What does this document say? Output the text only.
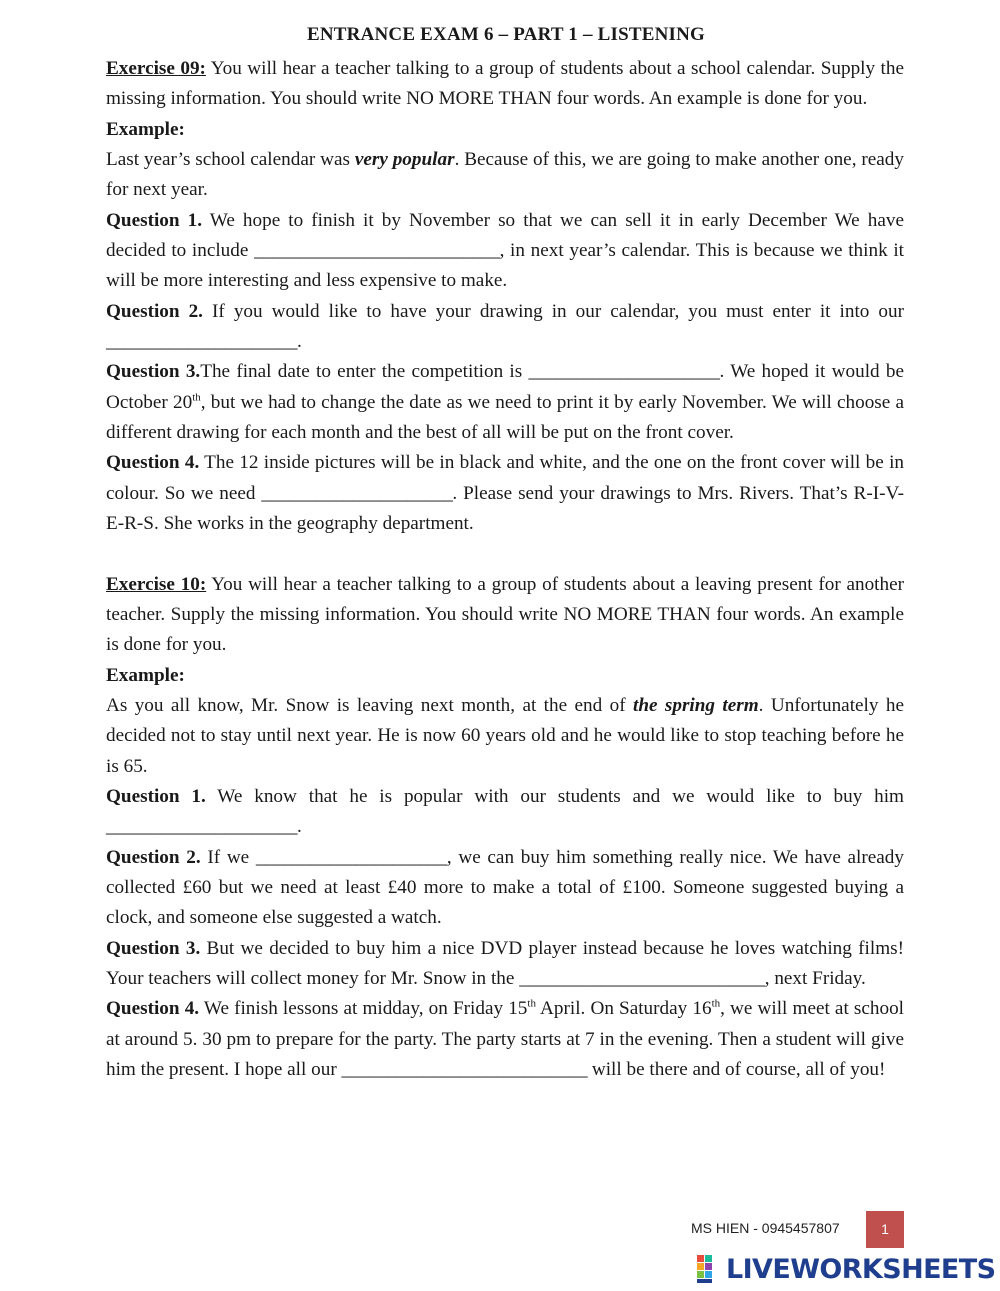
ENTRANCE EXAM 6 – PART 1 – LISTENING

Exercise 09: You will hear a teacher talking to a group of students about a school calendar. Supply the missing information. You should write NO MORE THAN four words. An example is done for you.

Example:

Last year’s school calendar was very popular. Because of this, we are going to make another one, ready for next year.

Question 1. We hope to finish it by November so that we can sell it in early December We have decided to include ___________________________, in next year’s calendar. This is because we think it will be more interesting and less expensive to make.

Question 2. If you would like to have your drawing in our calendar, you must enter it into our _____________________.

Question 3.The final date to enter the competition is _____________________. We hoped it would be October 20th, but we had to change the date as we need to print it by early November. We will choose a different drawing for each month and the best of all will be put on the front cover.

Question 4. The 12 inside pictures will be in black and white, and the one on the front cover will be in colour. So we need _____________________. Please send your drawings to Mrs. Rivers. That’s R-I-V-E-R-S. She works in the geography department.

Exercise 10: You will hear a teacher talking to a group of students about a leaving present for another teacher. Supply the missing information. You should write NO MORE THAN four words. An example is done for you.

Example:

As you all know, Mr. Snow is leaving next month, at the end of the spring term. Unfortunately he decided not to stay until next year. He is now 60 years old and he would like to stop teaching before he is 65.

Question 1. We know that he is popular with our students and we would like to buy him _____________________.

Question 2. If we _____________________, we can buy him something really nice. We have already collected £60 but we need at least £40 more to make a total of £100. Someone suggested buying a clock, and someone else suggested a watch.

Question 3. But we decided to buy him a nice DVD player instead because he loves watching films! Your teachers will collect money for Mr. Snow in the ___________________________, next Friday.

Question 4. We finish lessons at midday, on Friday 15th April. On Saturday 16th, we will meet at school at around 5. 30 pm to prepare for the party. The party starts at 7 in the evening. Then a student will give him the present. I hope all our ___________________________ will be there and of course, all of you!

MS HIEN - 0945457807	1
LIVEWORKSHEETS
